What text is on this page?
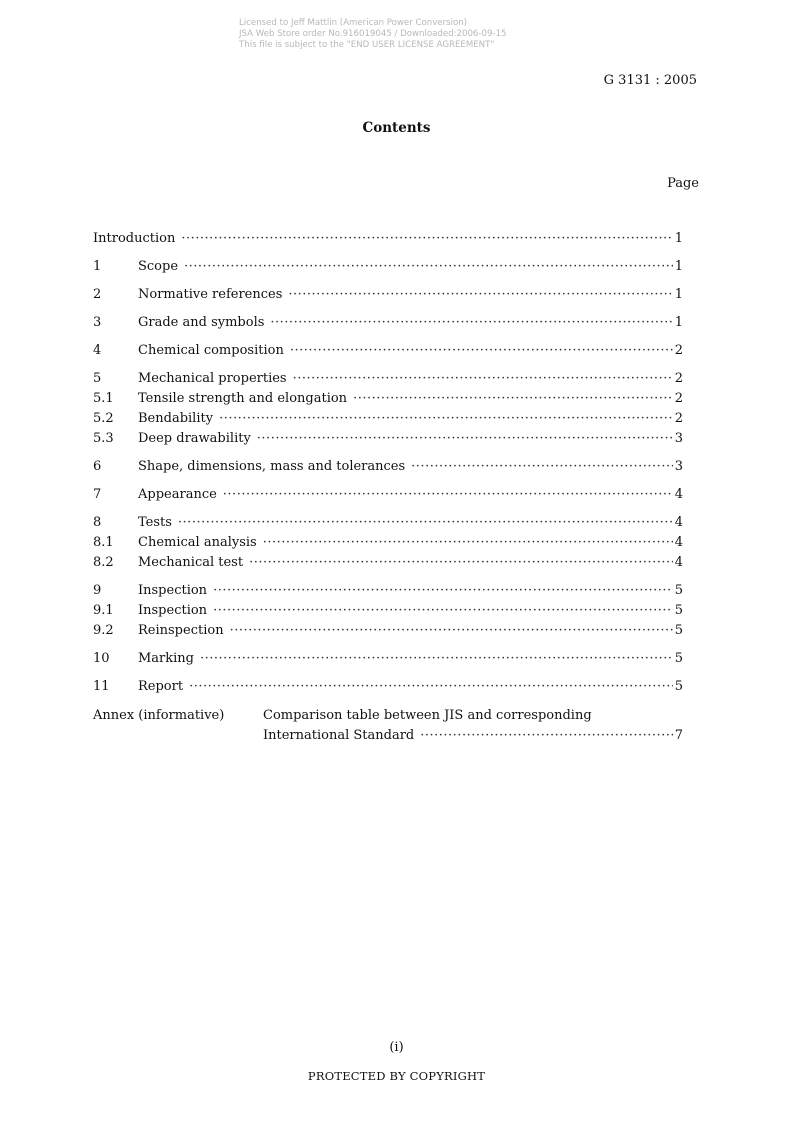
Licensed to Jeff Mattlin (American Power Conversion)
JSA Web Store order No.916019045 / Downloaded:2006-09-15
This file is subject to the "END USER LICENSE AGREEMENT"
G 3131 : 2005
Contents
Page
Introduction ·····	1
1	Scope ·····	1
2	Normative references ·····	1
3	Grade and symbols ·····	1
4	Chemical composition ·····	2
5	Mechanical properties ·····	2
5.1	Tensile strength and elongation ·····	2
5.2	Bendability ·····	2
5.3	Deep drawability ·····	3
6	Shape, dimensions, mass and tolerances ·····	3
7	Appearance ·····	4
8	Tests ·····	4
8.1	Chemical analysis ·····	4
8.2	Mechanical test ·····	4
9	Inspection ·····	5
9.1	Inspection ·····	5
9.2	Reinspection ·····	5
10	Marking ·····	5
11	Report ·····	5
Annex (informative)	Comparison table between JIS and corresponding
International Standard ·····	7
(i)
PROTECTED BY COPYRIGHT
